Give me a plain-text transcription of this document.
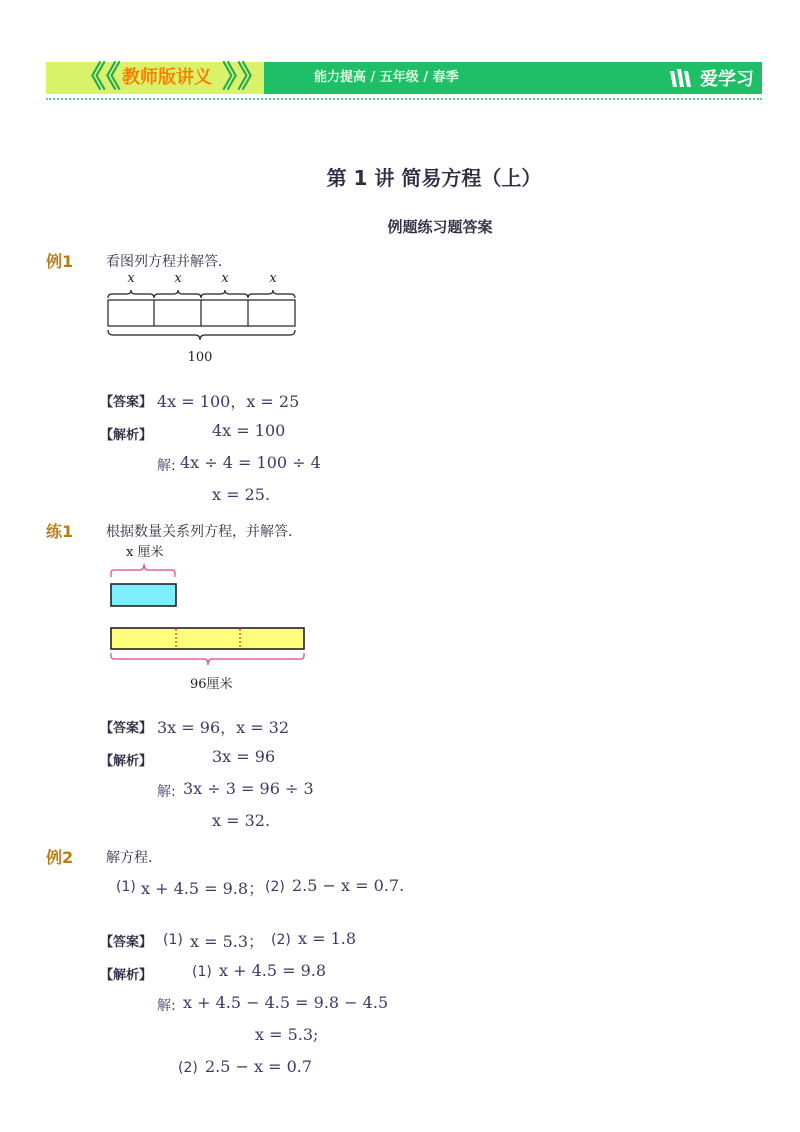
《《 教师版讲义 》》	能力提高 / 五年级 / 春季	爱学习
第 1 讲 简易方程（上）
例题练习题答案
例1 看图列方程并解答．
x	x	x	x
100
【答案】 4x = 100，x = 25
【解析】	4x = 100
解: 4x ÷ 4 = 100 ÷ 4
x = 25.
练1 根据数量关系列方程，并解答．
x 厘米
96厘米
【答案】 3x = 96，x = 32
【解析】	3x = 96
解: 3x ÷ 3 = 96 ÷ 3
x = 32.
例2 解方程．
(1) x + 4.5 = 9.8； (2) 2.5 − x = 0.7.
【答案】 (1) x = 5.3； (2) x = 1.8
【解析】	(1) x + 4.5 = 9.8
解: x + 4.5 − 4.5 = 9.8 − 4.5
x = 5.3;
(2) 2.5 − x = 0.7
